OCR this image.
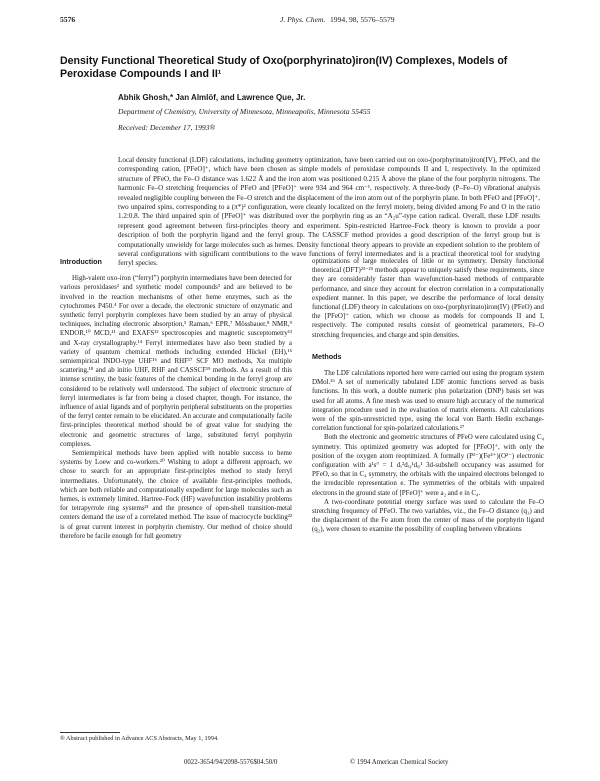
5576	J. Phys. Chem. 1994, 98, 5576–5579
Density Functional Theoretical Study of Oxo(porphyrinato)iron(IV) Complexes, Models of Peroxidase Compounds I and II¹
Abhik Ghosh,* Jan Almlöf, and Lawrence Que, Jr.
Department of Chemistry, University of Minnesota, Minneapolis, Minnesota 55455
Received: December 17, 1993®
Local density functional (LDF) calculations, including geometry optimization, have been carried out on oxo-(porphyrinato)iron(IV), PFeO, and the corresponding cation, [PFeO]⁺, which have been chosen as simple models of peroxidase compounds II and I, respectively. In the optimized structure of PFeO, the Fe–O distance was 1.622 Å and the iron atom was positioned 0.215 Å above the plane of the four porphyrin nitrogens. The harmonic Fe–O stretching frequencies of PFeO and [PFeO]⁺ were 934 and 964 cm⁻¹, respectively. A three-body (P–Fe–O) vibrational analysis revealed negligible coupling between the Fe–O stretch and the displacement of the iron atom out of the porphyrin plane. In both PFeO and [PFeO]⁺, two unpaired spins, corresponding to a (π*)² configuration, were cleanly localized on the ferryl moiety, being divided among Fe and O in the ratio 1.2:0.8. The third unpaired spin of [PFeO]⁺ was distributed over the porphyrin ring as an “A₂u”-type cation radical. Overall, these LDF results represent good agreement between first-principles theory and experiment. Spin-restricted Hartree–Fock theory is known to provide a poor description of both the porphyrin ligand and the ferryl group. The CASSCF method provides a good description of the ferryl group but is computationally unwieldy for large molecules such as hemes. Density functional theory appears to provide an expedient solution to the problem of several configurations with significant contributions to the wave functions of ferryl intermediates and is a practical theoretical tool for studying ferryl species.
Introduction

High-valent oxo-iron (“ferryl”) porphyrin intermediates have been detected for various peroxidases² and synthetic model compounds³ and are believed to be involved in the reaction mechanisms of other heme enzymes, such as the cytochromes P450.⁴ For over a decade, the electronic structure of enzymatic and synthetic ferryl porphyrin complexes have been studied by an array of physical techniques, including electronic absorption,⁵ Raman,⁶ EPR,⁷ Mössbauer,⁸ NMR,⁹ ENDOR,¹⁰ MCD,¹¹ and EXAFS¹² spectroscopies and magnetic susceptometry¹³ and X-ray crystallography.¹⁴ Ferryl intermediates have also been studied by a variety of quantum chemical methods including extended Hückel (EH),¹⁵ semiempirical INDO-type UHF¹⁶ and RHF¹⁷ SCF MO methods, Xα multiple scattering,¹⁸ and ab initio UHF, RHF and CASSCF¹⁹ methods. As a result of this intense scrutiny, the basic features of the chemical bonding in the ferryl group are considered to be relatively well understood. The subject of electronic structure of ferryl intermediates is far from being a closed chapter, though. For instance, the influence of axial ligands and of porphyrin peripheral substituents on the properties of the ferryl center remain to be elucidated. An accurate and computationally facile first-principles theoretical method should be of great value for studying the electronic and geometric structures of large, substituted ferryl porphyrin complexes.

Semiempirical methods have been applied with notable success to heme systems by Loew and co-workers.²⁰ Wishing to adopt a different approach, we chose to search for an appropriate first-principles method to study ferryl intermediates. Unfortunately, the choice of available first-principles methods, which are both reliable and computationally expedient for large molecules such as hemes, is extremely limited. Hartree–Fock (HF) wavefunction instability problems for tetrapyrrole ring systems²¹ and the presence of open-shell transition-metal centers demand the use of a correlated method. The issue of macrocycle buckling²² is of great current interest in porphyrin chemistry. Our method of choice should therefore be facile enough for full geometry

optimizations of large molecules of little or no symmetry. Density functional theoretical (DFT)²³⁻²⁵ methods appear to uniquely satisfy these requirements, since they are considerably faster than wavefunction-based methods of comparable performance, and since they account for electron correlation in a computationally expedient manner. In this paper, we describe the performance of local density functional (LDF) theory in calculations on oxo-(porphyrinato)iron(IV) (PFeO) and the [PFeO]⁺ cation, which we choose as models for compounds II and I, respectively. The computed results consist of geometrical parameters, Fe–O stretching frequencies, and charge and spin densities.

Methods

The LDF calculations reported here were carried out using the program system DMol.²⁶ A set of numerically tabulated LDF atomic functions served as basis functions. In this work, a double numeric plus polarization (DNP) basis set was used for all atoms. A fine mesh was used to ensure high accuracy of the numerical integration procedure used in the evaluation of matrix elements. All calculations were of the spin-unrestricted type, using the local von Barth Hedin exchange-correlation functional for spin-polarized calculations.²⁷

Both the electronic and geometric structures of PFeO were calculated using C₄ symmetry. This optimized geometry was adopted for [PFeO]⁺, with only the position of the oxygen atom reoptimized. A formally (P²⁻)(Fe⁴⁺)(O²⁻) electronic configuration with a¹s° = 1 dₓ²dₓᵧ¹dᵧᵣ¹ 3d-subshell occupancy was assumed for PFeO, so that in C₄ symmetry, the orbitals with the unpaired electrons belonged to the irreducible representation e. The symmetries of the orbitals with unpaired electrons in the ground state of [PFeO]⁺ were a₂ and e in C₄.

A two-coordinate potential energy surface was used to calculate the Fe–O stretching frequency of PFeO. The two variables, viz., the Fe–O distance (q₁) and the displacement of the Fe atom from the center of mass of the porphyrin ligand (q₂), were chosen to examine the possibility of coupling between vibrations

® Abstract published in Advance ACS Abstracts, May 1, 1994.
0022-3654/94/2098-5576$04.50/0	© 1994 American Chemical Society
